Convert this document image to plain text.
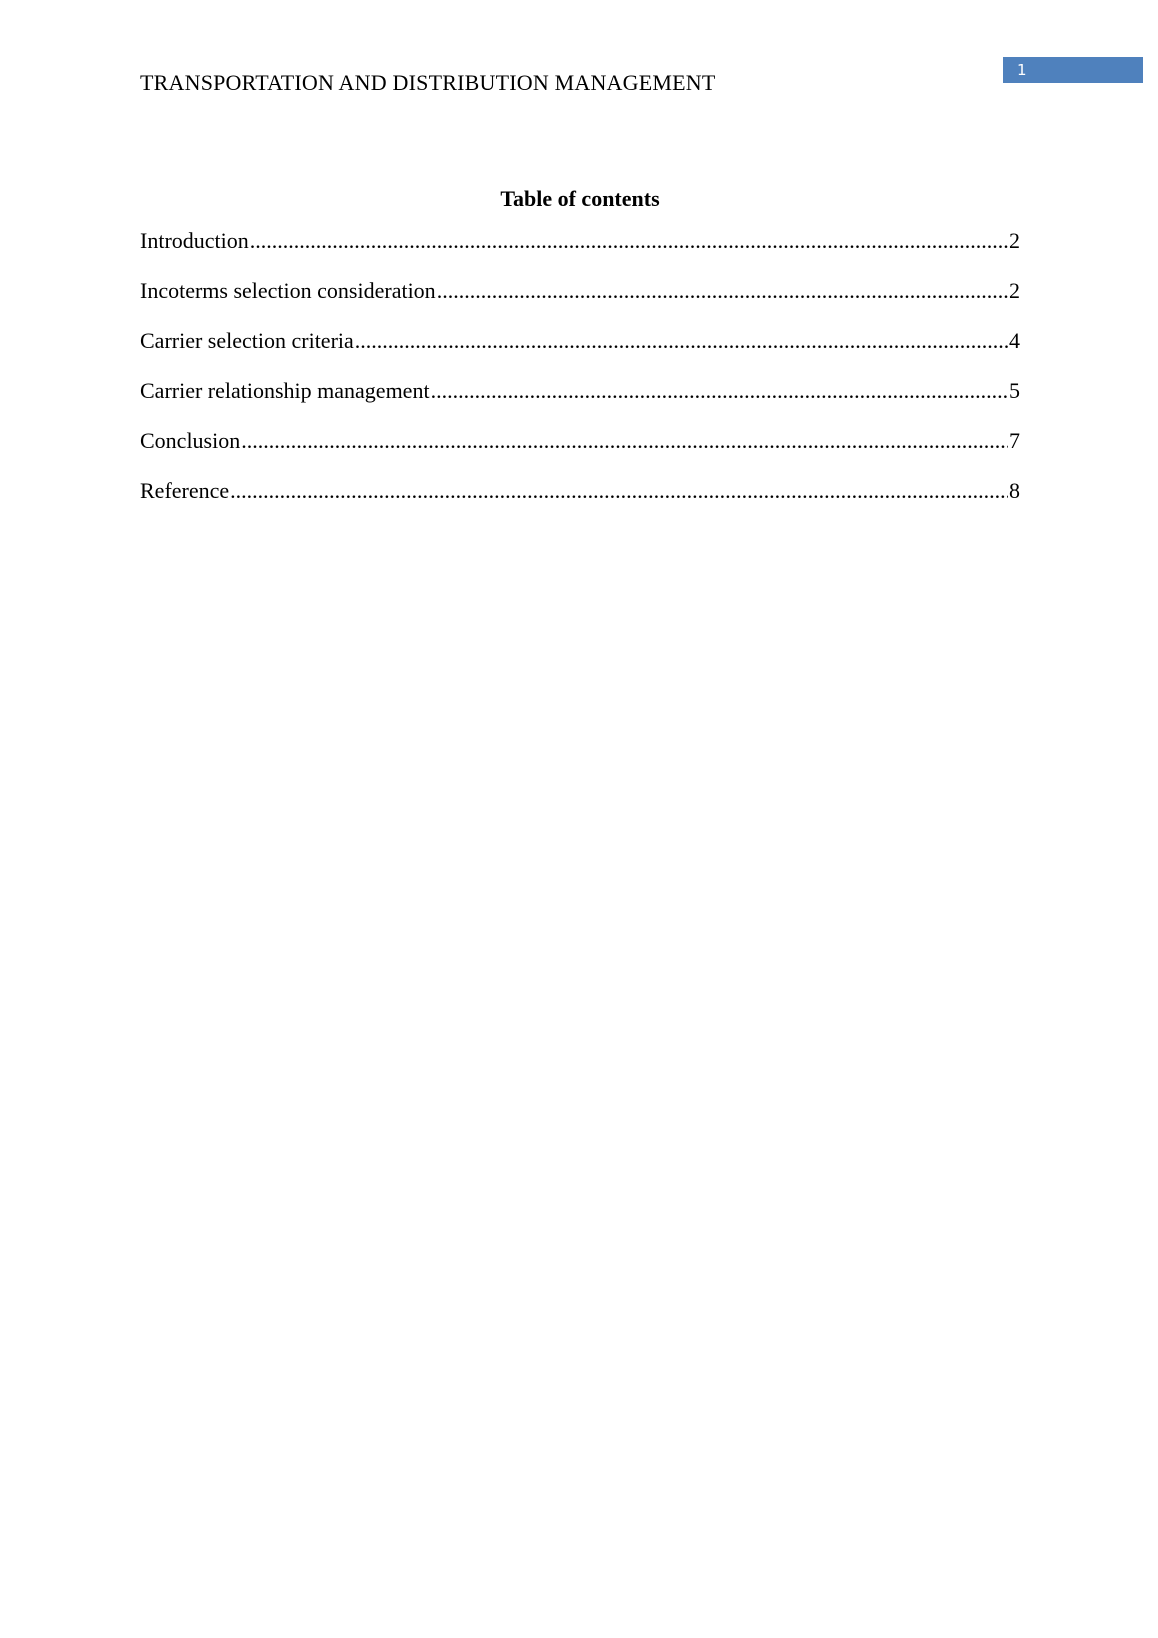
TRANSPORTATION AND DISTRIBUTION MANAGEMENT	1
Table of contents
Introduction .....	2
Incoterms selection consideration .....	2
Carrier selection criteria .....	4
Carrier relationship management .....	5
Conclusion .....	7
Reference .....	8
